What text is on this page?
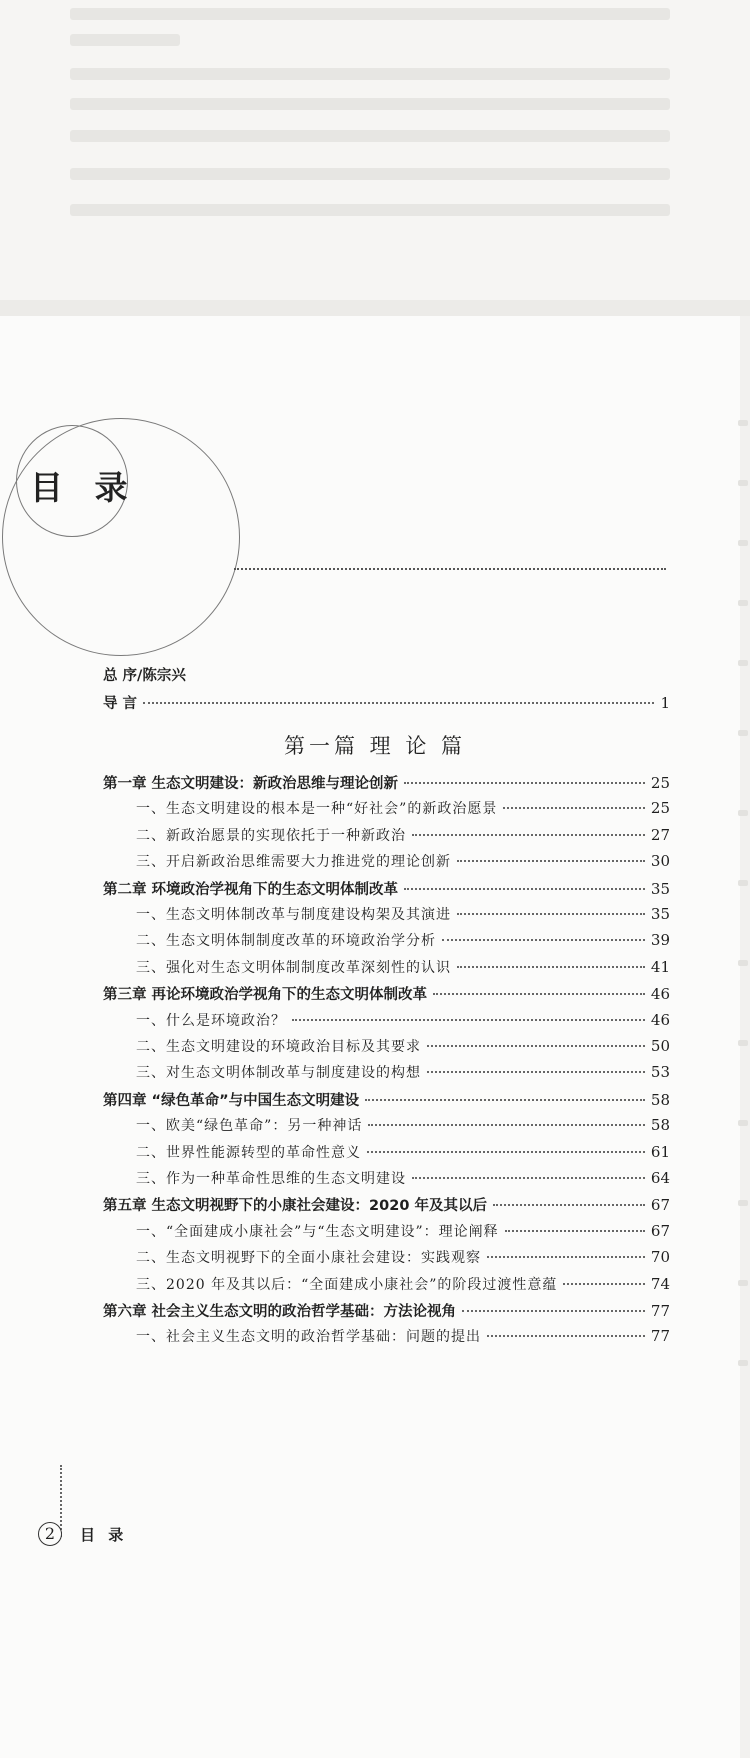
目 录
总 序/陈宗兴
导 言	1
第一篇 理 论 篇
第一章 生态文明建设：新政治思维与理论创新	25
一、生态文明建设的根本是一种“好社会”的新政治愿景	25
二、新政治愿景的实现依托于一种新政治	27
三、开启新政治思维需要大力推进党的理论创新	30
第二章 环境政治学视角下的生态文明体制改革	35
一、生态文明体制改革与制度建设构架及其演进	35
二、生态文明体制制度改革的环境政治学分析	39
三、强化对生态文明体制制度改革深刻性的认识	41
第三章 再论环境政治学视角下的生态文明体制改革	46
一、什么是环境政治？	46
二、生态文明建设的环境政治目标及其要求	50
三、对生态文明体制改革与制度建设的构想	53
第四章 “绿色革命”与中国生态文明建设	58
一、欧美“绿色革命”：另一种神话	58
二、世界性能源转型的革命性意义	61
三、作为一种革命性思维的生态文明建设	64
第五章 生态文明视野下的小康社会建设：2020 年及其以后	67
一、“全面建成小康社会”与“生态文明建设”：理论阐释	67
二、生态文明视野下的全面小康社会建设：实践观察	70
三、2020 年及其以后：“全面建成小康社会”的阶段过渡性意蕴	74
第六章 社会主义生态文明的政治哲学基础：方法论视角	77
一、社会主义生态文明的政治哲学基础：问题的提出	77
2	目 录
